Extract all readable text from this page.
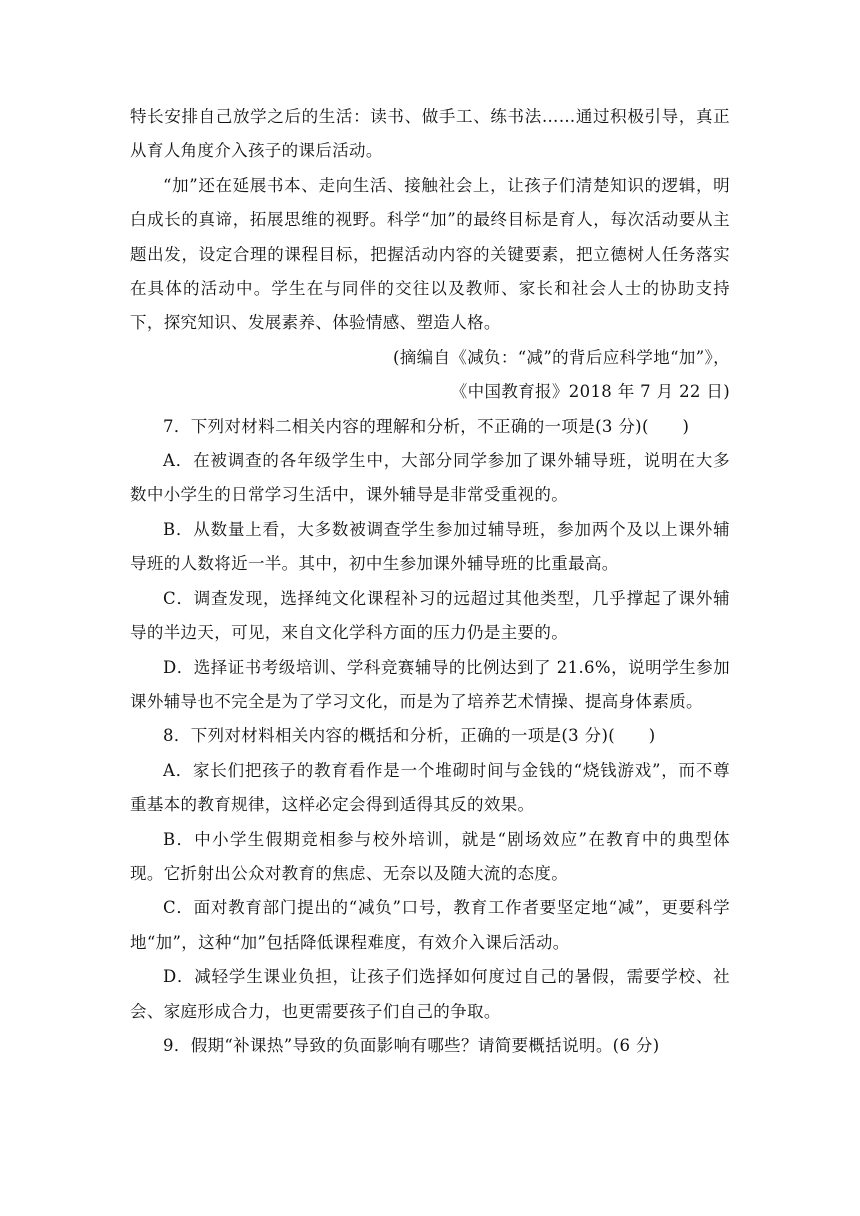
特长安排自己放学之后的生活：读书、做手工、练书法……通过积极引导，真正从育人角度介入孩子的课后活动。

“加”还在延展书本、走向生活、接触社会上，让孩子们清楚知识的逻辑，明白成长的真谛，拓展思维的视野。科学“加”的最终目标是育人，每次活动要从主题出发，设定合理的课程目标，把握活动内容的关键要素，把立德树人任务落实在具体的活动中。学生在与同伴的交往以及教师、家长和社会人士的协助支持下，探究知识、发展素养、体验情感、塑造人格。

(摘编自《减负：“减”的背后应科学地“加”》，

《中国教育报》2018 年 7 月 22 日)

7．下列对材料二相关内容的理解和分析，不正确的一项是(3 分)(　　)

A．在被调查的各年级学生中，大部分同学参加了课外辅导班，说明在大多数中小学生的日常学习生活中，课外辅导是非常受重视的。

B．从数量上看，大多数被调查学生参加过辅导班，参加两个及以上课外辅导班的人数将近一半。其中，初中生参加课外辅导班的比重最高。

C．调查发现，选择纯文化课程补习的远超过其他类型，几乎撑起了课外辅导的半边天，可见，来自文化学科方面的压力仍是主要的。

D．选择证书考级培训、学科竞赛辅导的比例达到了 21.6%，说明学生参加课外辅导也不完全是为了学习文化，而是为了培养艺术情操、提高身体素质。

8．下列对材料相关内容的概括和分析，正确的一项是(3 分)(　　)

A．家长们把孩子的教育看作是一个堆砌时间与金钱的“烧钱游戏”，而不尊重基本的教育规律，这样必定会得到适得其反的效果。

B．中小学生假期竞相参与校外培训，就是“剧场效应”在教育中的典型体现。它折射出公众对教育的焦虑、无奈以及随大流的态度。

C．面对教育部门提出的“减负”口号，教育工作者要坚定地“减”，更要科学地“加”，这种“加”包括降低课程难度，有效介入课后活动。

D．减轻学生课业负担，让孩子们选择如何度过自己的暑假，需要学校、社会、家庭形成合力，也更需要孩子们自己的争取。

9．假期“补课热”导致的负面影响有哪些？请简要概括说明。(6 分)
